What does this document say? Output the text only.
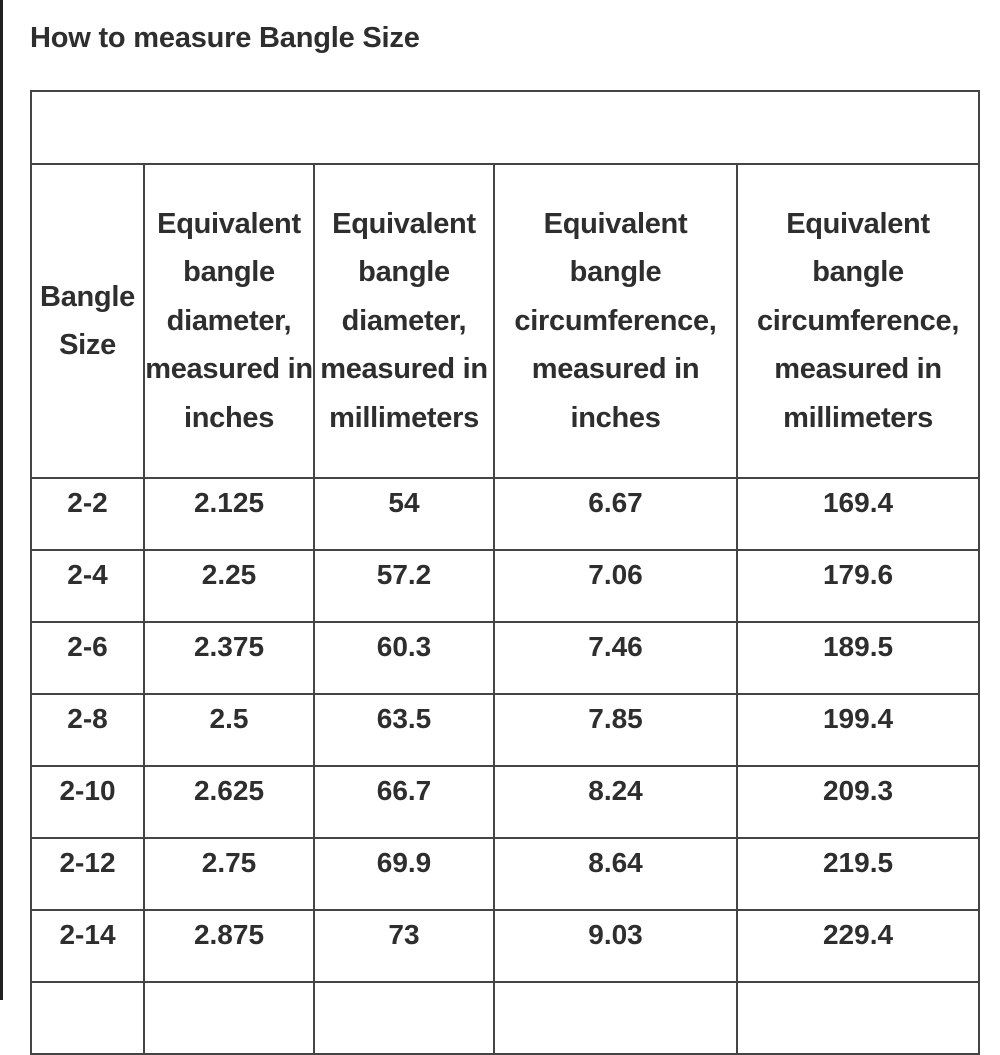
How to measure Bangle Size

Bangle Size	Equivalent bangle diameter, measured in inches	Equivalent bangle diameter, measured in millimeters	Equivalent bangle circumference, measured in inches	Equivalent bangle circumference, measured in millimeters
2-2	2.125	54	6.67	169.4
2-4	2.25	57.2	7.06	179.6
2-6	2.375	60.3	7.46	189.5
2-8	2.5	63.5	7.85	199.4
2-10	2.625	66.7	8.24	209.3
2-12	2.75	69.9	8.64	219.5
2-14	2.875	73	9.03	229.4
